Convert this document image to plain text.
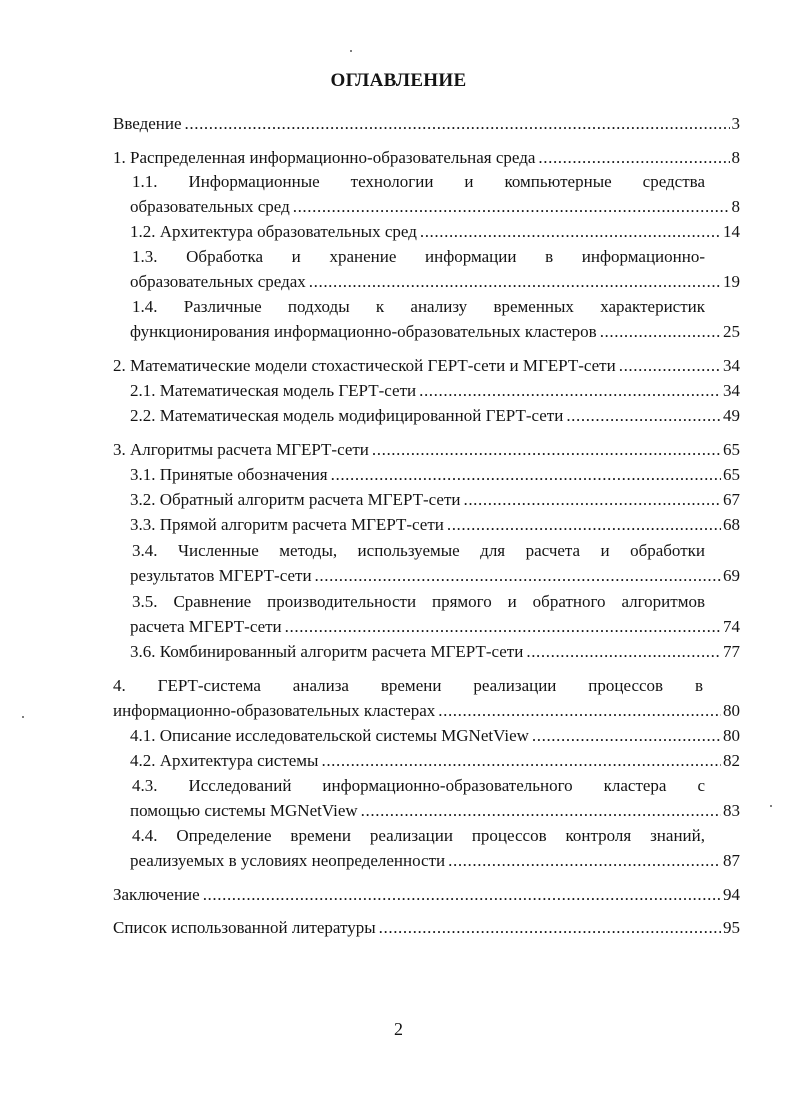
ОГЛАВЛЕНИЕ
Введение .....	3
1. Распределенная информационно-образовательная среда .....	8
1.1. Информационные технологии и компьютерные средства
образовательных сред .....	8
1.2. Архитектура образовательных сред .....	14
1.3. Обработка и хранение информации в информационно-
образовательных средах .....	19
1.4. Различные подходы к анализу временных характеристик
функционирования информационно-образовательных кластеров .....	25
2. Математические модели стохастической ГЕРТ-сети и МГЕРТ-сети .....	34
2.1. Математическая модель ГЕРТ-сети .....	34
2.2. Математическая модель модифицированной ГЕРТ-сети .....	49
3. Алгоритмы расчета МГЕРТ-сети .....	65
3.1. Принятые обозначения .....	65
3.2. Обратный алгоритм расчета МГЕРТ-сети .....	67
3.3. Прямой алгоритм расчета МГЕРТ-сети .....	68
3.4. Численные методы, используемые для расчета и обработки
результатов МГЕРТ-сети .....	69
3.5. Сравнение производительности прямого и обратного алгоритмов
расчета МГЕРТ-сети .....	74
3.6. Комбинированный алгоритм расчета МГЕРТ-сети .....	77
4. ГЕРТ-система анализа времени реализации процессов в
информационно-образовательных кластерах .....	80
4.1. Описание исследовательской системы MGNetView .....	80
4.2. Архитектура системы .....	82
4.3. Исследований информационно-образовательного кластера с
помощью системы MGNetView .....	83
4.4. Определение времени реализации процессов контроля знаний,
реализуемых в условиях неопределенности .....	87
Заключение .....	94
Список использованной литературы .....	95
2
